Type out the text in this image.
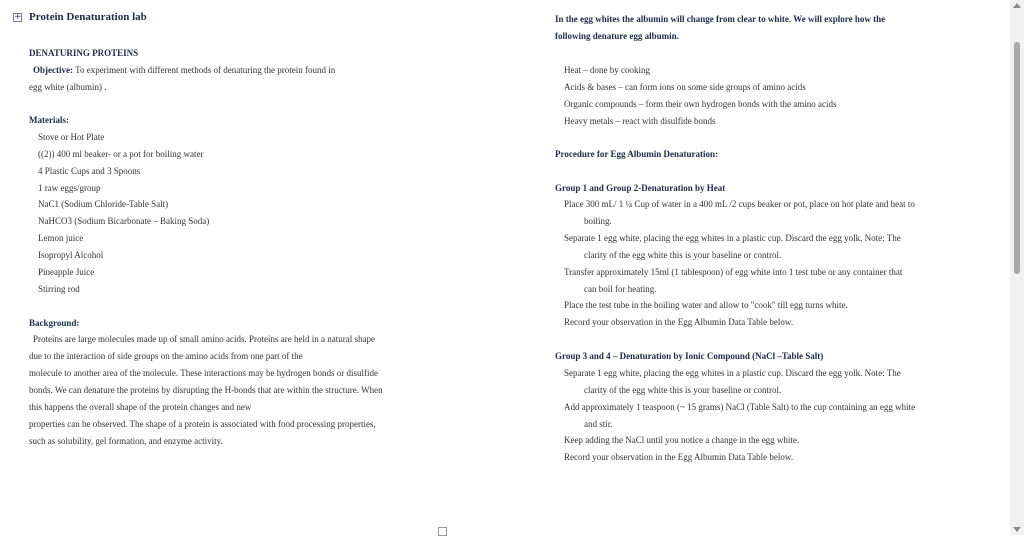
+ Protein Denaturation lab
DENATURING PROTEINS
Objective: To experiment with different methods of denaturing the protein found in
egg white (albumin) .
Materials:
Stove or Hot Plate
((2)) 400 ml beaker- or a pot for boiling water
4 Plastic Cups and 3 Spoons
1 raw eggs/group
NaC1 (Sodium Chloride-Table Salt)
NaHCO3 (Sodium Bicarbonate – Baking Soda)
Lemon juice
Isopropyl Alcohol
Pineapple Juice
Stirring rod
Background:
Proteins are large molecules made up of small amino acids. Proteins are held in a natural shape
due to the interaction of side groups on the amino acids from one part of the
molecule to another area of the molecule. These interactions may be hydrogen bonds or disulfide
bonds. We can denature the proteins by disrupting the H-bonds that are within the structure. When
this happens the overall shape of the protein changes and new
properties can be observed. The shape of a protein is associated with food processing properties,
such as solubility, gel formation, and enzyme activity.
In the egg whites the albumin will change from clear to white. We will explore how the
following denature egg albumin.
Heat – done by cooking
Acids & bases – can form ions on some side groups of amino acids
Organic compounds – form their own hydrogen bonds with the amino acids
Heavy metals – react with disulfide bonds
Procedure for Egg Albumin Denaturation:
Group 1 and Group 2-Denaturation by Heat
Place 300 mL/ 1 ¼ Cup of water in a 400 mL /2 cups beaker or pot, place on hot plate and heat to
boiling.
Separate 1 egg white, placing the egg whites in a plastic cup. Discard the egg yolk. Note: The
clarity of the egg white this is your baseline or control.
Transfer approximately 15ml (1 tablespoon) of egg white into 1 test tube or any container that
can boil for heating.
Place the test tube in the boiling water and allow to "cook" till egg turns white.
Record your observation in the Egg Albumin Data Table below.
Group 3 and 4 – Denaturation by Ionic Compound (NaCl –Table Salt)
Separate 1 egg white, placing the egg whites in a plastic cup. Discard the egg yolk. Note: The
clarity of the egg white this is your baseline or control.
Add approximately 1 teaspoon (~ 15 grams) NaCl (Table Salt) to the cup containing an egg white
and stir.
Keep adding the NaCl until you notice a change in the egg white.
Record your observation in the Egg Albumin Data Table below.
